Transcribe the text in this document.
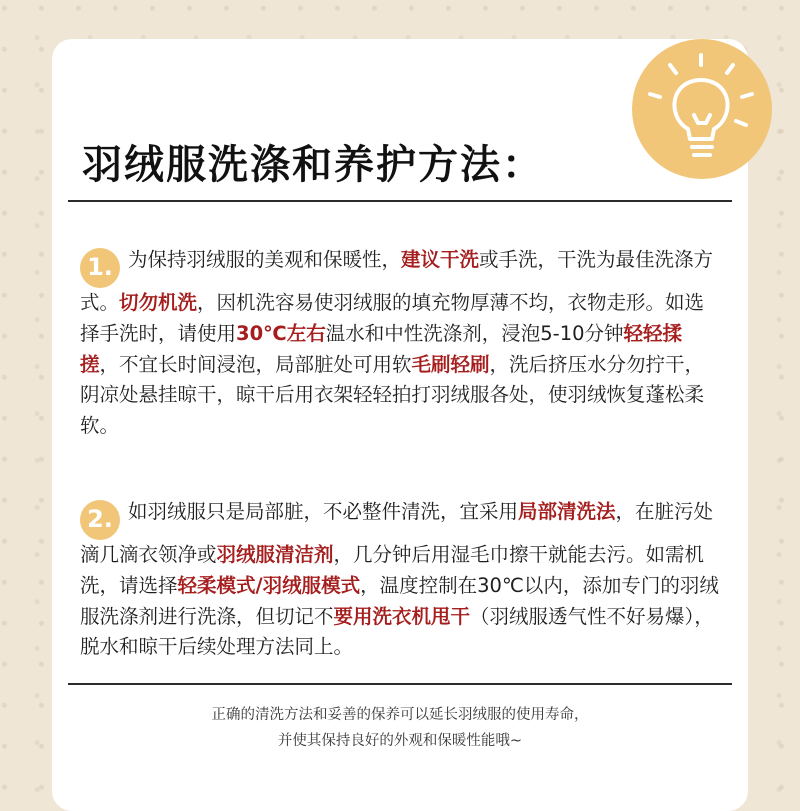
羽绒服洗涤和养护方法：
1. 为保持羽绒服的美观和保暖性，建议干洗或手洗，干洗为最佳洗涤方式。切勿机洗，因机洗容易使羽绒服的填充物厚薄不均，衣物走形。如选择手洗时，请使用30℃左右温水和中性洗涤剂，浸泡5-10分钟轻轻揉搓，不宜长时间浸泡，局部脏处可用软毛刷轻刷，洗后挤压水分勿拧干，阴凉处悬挂晾干，晾干后用衣架轻轻拍打羽绒服各处，使羽绒恢复蓬松柔软。
2. 如羽绒服只是局部脏，不必整件清洗，宜采用局部清洗法，在脏污处滴几滴衣领净或羽绒服清洁剂，几分钟后用湿毛巾擦干就能去污。如需机洗，请选择轻柔模式/羽绒服模式，温度控制在30℃以内，添加专门的羽绒服洗涤剂进行洗涤，但切记不要用洗衣机甩干（羽绒服透气性不好易爆），脱水和晾干后续处理方法同上。
正确的清洗方法和妥善的保养可以延长羽绒服的使用寿命，
并使其保持良好的外观和保暖性能哦~
